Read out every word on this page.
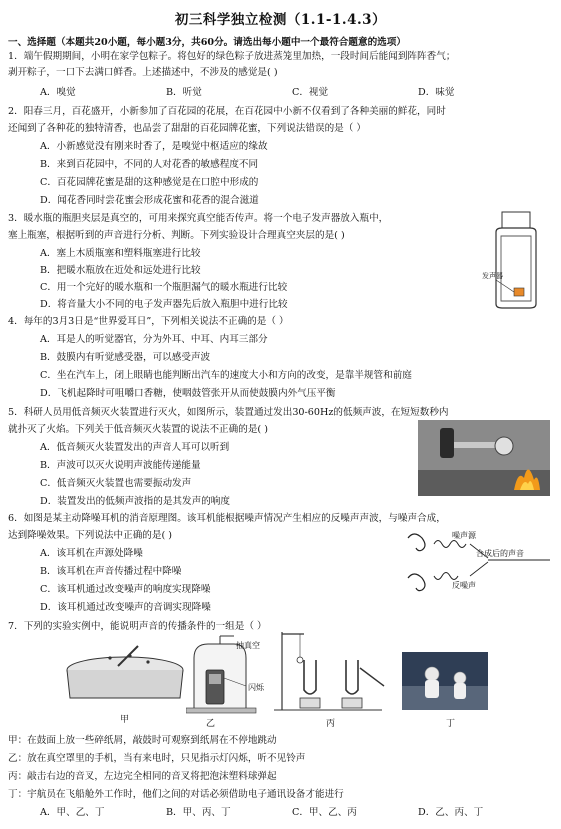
初三科学独立检测（1.1-1.4.3）
一、选择题（本题共20小题，每小题3分，共60分。请选出每小题中一个最符合题意的选项）
1．端午假期期间，小明在家学包粽子。将包好的绿色粽子放进蒸笼里加热，一段时间后能闻到阵阵香气；
剥开粽子，一口下去满口鲜香。上述描述中，不涉及的感觉是( )
A．嗅觉	B．听觉	C．视觉	D．味觉
2．阳春三月，百花盛开，小新参加了百花园的花展，在百花园中小新不仅看到了各种美丽的鲜花，同时
还闻到了各种花的独特清香，也品尝了甜甜的百花园牌花蜜，下列说法错误的是（ ）
A．小新感觉没有刚来时香了，是嗅觉中枢适应的缘故
B．来到百花园中，不同的人对花香的敏感程度不同
C．百花园牌花蜜是甜的这种感觉是在口腔中形成的
D．闻花香同时尝花蜜会形成花蜜和花香的混合滋道
3．暖水瓶的瓶胆夹层是真空的，可用来探究真空能否传声。将一个电子发声器放入瓶中，
塞上瓶塞，根据听到的声音进行分析、判断。下列实验设计合理真空夹层的是( )
A．塞上木质瓶塞和塑料瓶塞进行比较
B．把暖水瓶放在近处和远处进行比较
C．用一个完好的暖水瓶和一个瓶胆漏气的暖水瓶进行比较
D．将音量大小不同的电子发声器先后放入瓶胆中进行比较
发声器
4．每年的3月3日是“世界爱耳日”，下列相关说法不正确的是（ ）
A．耳是人的听觉器官，分为外耳、中耳、内耳三部分
B．鼓膜内有听觉感受器，可以感受声波
C．坐在汽车上，闭上眼睛也能判断出汽车的速度大小和方向的改变，是靠半规管和前庭
D．飞机起降时可咀嚼口香糖，使咽鼓管张开从而使鼓膜内外气压平衡
5．科研人员用低音频灭火装置进行灭火，如图所示，装置通过发出30-60Hz的低频声波，在短短数秒内
就扑灭了火焰。下列关于低音频灭火装置的说法不正确的是( )
A．低音频灭火装置发出的声音人耳可以听到
B．声波可以灭火说明声波能传递能量
C．低音频灭火装置也需要振动发声
D．装置发出的低频声波指的是其发声的响度
6．如图是某主动降噪耳机的消音原理图。该耳机能根据噪声情况产生相应的反噪声声波，与噪声合成，
达到降噪效果。下列说法中正确的是( )
A．该耳机在声源处降噪
B．该耳机在声音传播过程中降噪
C．该耳机通过改变噪声的响度实现降噪
D．该耳机通过改变噪声的音调实现降噪
噪声源
反噪声
合成后的声音
7．下列的实验实例中，能说明声音的传播条件的一组是（ ）
甲
抽真空
闪烁
乙	丙	丁
甲：在鼓面上放一些碎纸屑，敲鼓时可观察到纸屑在不停地跳动
乙：放在真空罩里的手机，当有来电时，只见指示灯闪烁，听不见铃声
丙：敲击右边的音叉，左边完全相同的音叉将把泡沫塑料球弹起
丁：宇航员在飞船舱外工作时，他们之间的对话必须借助电子通讯设备才能进行
A．甲、乙、丁	B．甲、丙、丁	C．甲、乙、丙	D．乙、丙、丁
